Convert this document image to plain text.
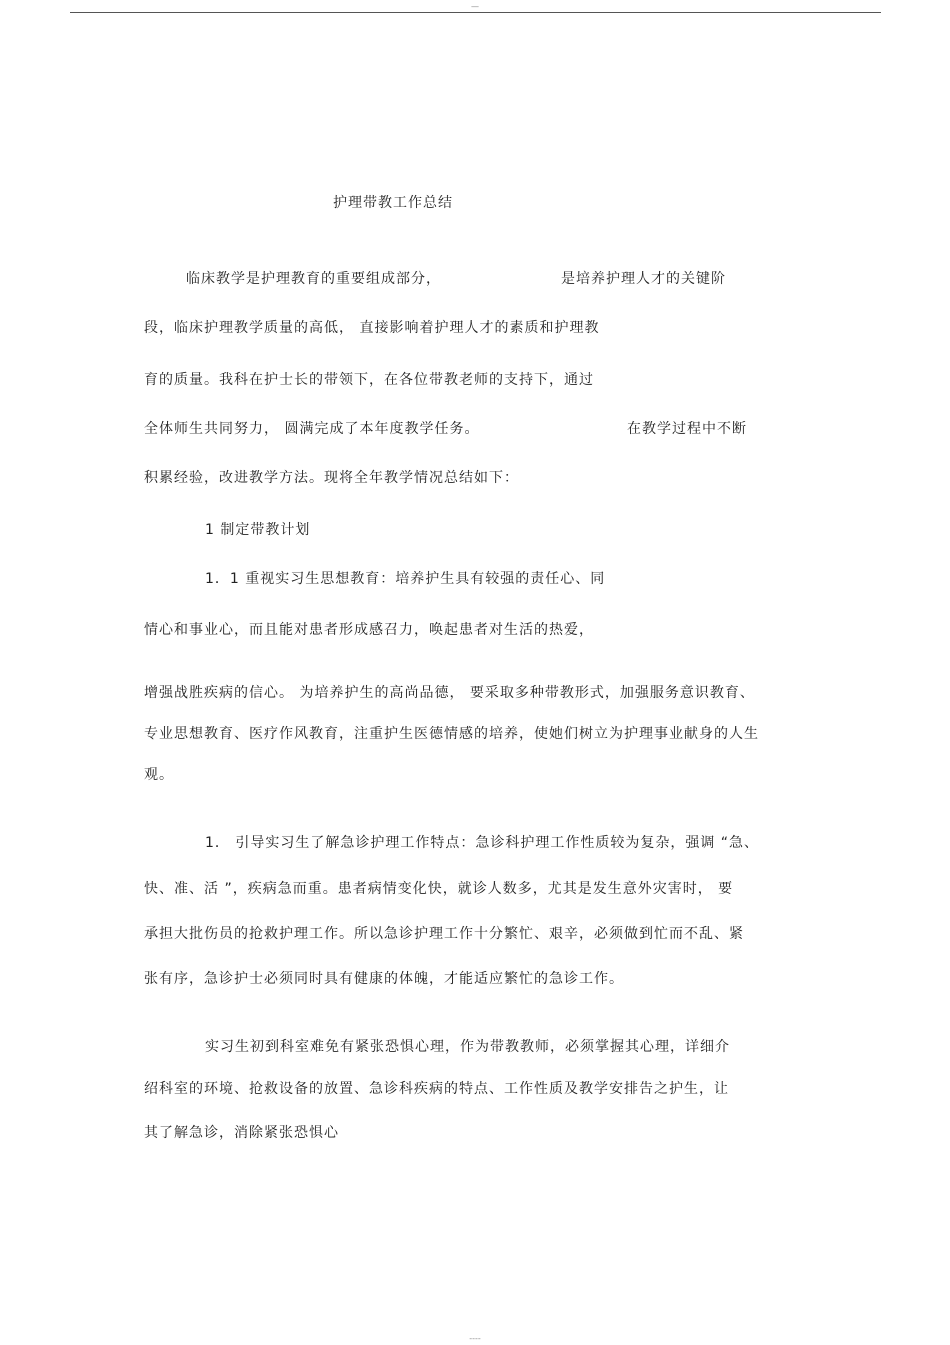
—
护理带教工作总结
临床教学是护理教育的重要组成部分，	是培养护理人才的关键阶
段，临床护理教学质量的高低， 直接影响着护理人才的素质和护理教
育的质量。我科在护士长的带领下，在各位带教老师的支持下，通过
全体师生共同努力， 圆满完成了本年度教学任务。	在教学过程中不断
积累经验，改进教学方法。现将全年教学情况总结如下：
1 制定带教计划
1．1 重视实习生思想教育：培养护生具有较强的责任心、同
情心和事业心，而且能对患者形成感召力，唤起患者对生活的热爱，
增强战胜疾病的信心。 为培养护生的高尚品德， 要采取多种带教形式，加强服务意识教育、
专业思想教育、医疗作风教育，注重护生医德情感的培养，使她们树立为护理事业献身的人生
观。
1． 引导实习生了解急诊护理工作特点：急诊科护理工作性质较为复杂，强调 “急、
快、准、活 ”，疾病急而重。患者病情变化快，就诊人数多，尤其是发生意外灾害时， 要
承担大批伤员的抢救护理工作。所以急诊护理工作十分繁忙、艰辛，必须做到忙而不乱、紧
张有序，急诊护士必须同时具有健康的体魄，才能适应繁忙的急诊工作。
实习生初到科室难免有紧张恐惧心理，作为带教教师，必须掌握其心理，详细介
绍科室的环境、抢救设备的放置、急诊科疾病的特点、工作性质及教学安排告之护生，让
其了解急诊，消除紧张恐惧心
----
